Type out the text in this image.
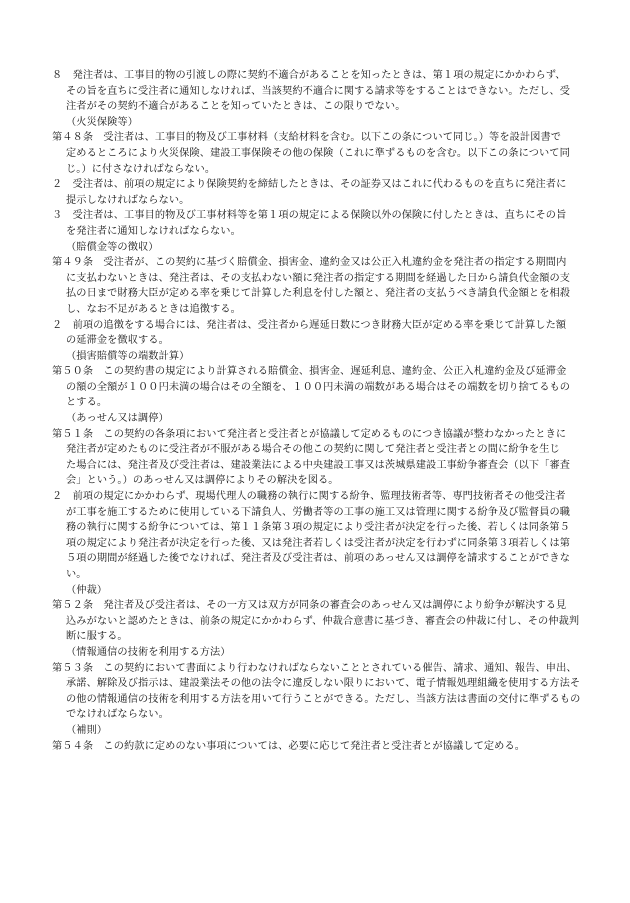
８　発注者は、工事目的物の引渡しの際に契約不適合があることを知ったときは、第１項の規定にかかわらず、
その旨を直ちに受注者に通知しなければ、当該契約不適合に関する請求等をすることはできない。ただし、受
注者がその契約不適合があることを知っていたときは、この限りでない。
（火災保険等）
第４８条　受注者は、工事目的物及び工事材料（支給材料を含む。以下この条について同じ。）等を設計図書で
定めるところにより火災保険、建設工事保険その他の保険（これに準ずるものを含む。以下この条について同
じ。）に付さなければならない。
２　受注者は、前項の規定により保険契約を締結したときは、その証券又はこれに代わるものを直ちに発注者に
提示しなければならない。
３　受注者は、工事目的物及び工事材料等を第１項の規定による保険以外の保険に付したときは、直ちにその旨
を発注者に通知しなければならない。
（賠償金等の徴収）
第４９条　受注者が、この契約に基づく賠償金、損害金、違約金又は公正入札違約金を発注者の指定する期間内
に支払わないときは、発注者は、その支払わない額に発注者の指定する期間を経過した日から請負代金額の支
払の日まで財務大臣が定める率を乗じて計算した利息を付した額と、発注者の支払うべき請負代金額とを相殺
し、なお不足があるときは追徴する。
２　前項の追徴をする場合には、発注者は、受注者から遅延日数につき財務大臣が定める率を乗じて計算した額
の延滞金を徴収する。
（損害賠償等の端数計算）
第５０条　この契約書の規定により計算される賠償金、損害金、遅延利息、違約金、公正入札違約金及び延滞金
の額の全額が１００円未満の場合はその全額を、１００円未満の端数がある場合はその端数を切り捨てるもの
とする。
（あっせん又は調停）
第５１条　この契約の各条項において発注者と受注者とが協議して定めるものにつき協議が整わなかったときに
発注者が定めたものに受注者が不服がある場合その他この契約に関して発注者と受注者との間に紛争を生じ
た場合には、発注者及び受注者は、建設業法による中央建設工事又は茨城県建設工事紛争審査会（以下「審査
会」という。）のあっせん又は調停によりその解決を図る。
２　前項の規定にかかわらず、現場代理人の職務の執行に関する紛争、監理技術者等、専門技術者その他受注者
が工事を施工するために使用している下請負人、労働者等の工事の施工又は管理に関する紛争及び監督員の職
務の執行に関する紛争については、第１１条第３項の規定により受注者が決定を行った後、若しくは同条第５
項の規定により発注者が決定を行った後、又は発注者若しくは受注者が決定を行わずに同条第３項若しくは第
５項の期間が経過した後でなければ、発注者及び受注者は、前項のあっせん又は調停を請求することができな
い。
（仲裁）
第５２条　発注者及び受注者は、その一方又は双方が同条の審査会のあっせん又は調停により紛争が解決する見
込みがないと認めたときは、前条の規定にかかわらず、仲裁合意書に基づき、審査会の仲裁に付し、その仲裁判
断に服する。
（情報通信の技術を利用する方法）
第５３条　この契約において書面により行わなければならないこととされている催告、請求、通知、報告、申出、
承諾、解除及び指示は、建設業法その他の法令に違反しない限りにおいて、電子情報処理組織を使用する方法そ
の他の情報通信の技術を利用する方法を用いて行うことができる。ただし、当該方法は書面の交付に準ずるもの
でなければならない。
（補則）
第５４条　この約款に定めのない事項については、必要に応じて発注者と受注者とが協議して定める。
